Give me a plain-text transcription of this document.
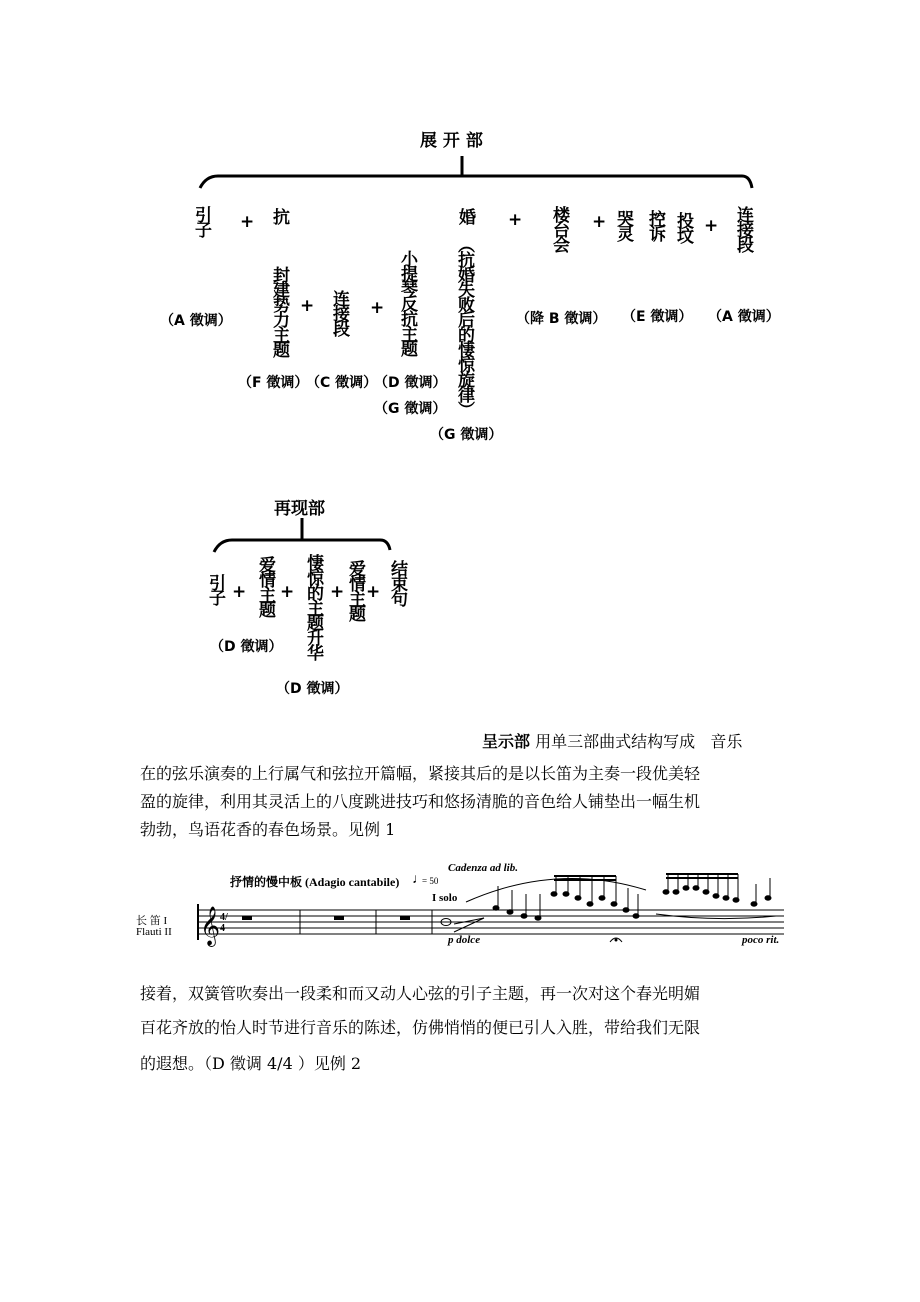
展 开 部
引子 + 抗	婚 + 楼台会 + 哭灵 控诉 投坟 + 连接段
封建势力主题 + 连接段 + 小提琴反抗主题 （抗婚失败后的悽惊旋律）
（A 徵调）
（F 徵调）
（C 徵调）
（D 徵调）
（G 徵调）
（G 徵调）
（降 B 徵调） （E 徵调） （A 徵调）
再现部
引子 + 爱情主题 + 悽惊的主题升华 + 爱情主题 + 结束句
（D 徵调）
（D 徵调）
呈示部 用单三部曲式结构写成   音乐
在的弦乐演奏的上行属气和弦拉开篇幅，紧接其后的是以长笛为主奏一段优美轻
盈的旋律，利用其灵活上的八度跳进技巧和悠扬清脆的音色给人铺垫出一幅生机
勃勃，鸟语花香的春色场景。见例 1
𝄞
抒情的慢中板 (Adagio cantabile) ♩
= 50
Cadenza ad lib.
I solo
长 笛 I
Flauti II
4/4
p dolce	poco rit.
接着，双簧管吹奏出一段柔和而又动人心弦的引子主题，再一次对这个春光明媚
百花齐放的怡人时节进行音乐的陈述，仿佛悄悄的便已引人入胜，带给我们无限
的遐想。（D 徵调 4/4 ）见例 2
